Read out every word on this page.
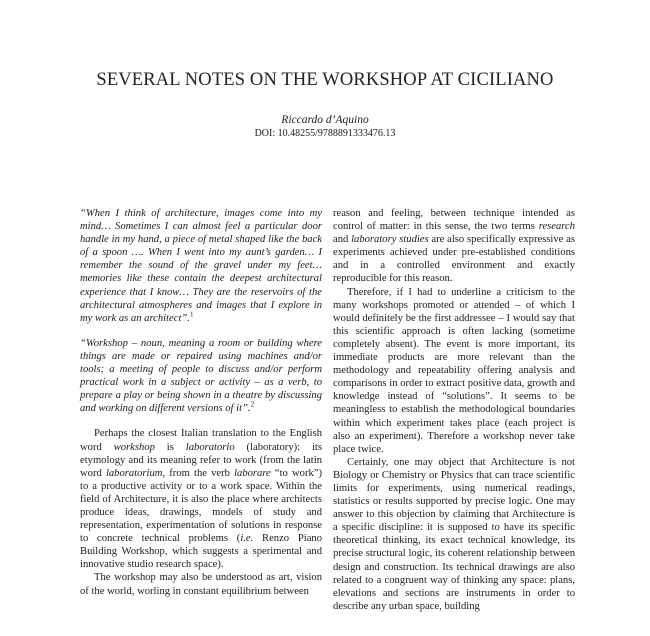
SEVERAL NOTES ON THE WORKSHOP AT CICILIANO
Riccardo d’Aquino
DOI: 10.48255/9788891333476.13

“When I think of architecture, images come into my mind… Sometimes I can almost feel a particular door handle in my hand, a piece of metal shaped like the back of a spoon …. When I went into my aunt’s garden… I remember the sound of the gravel under my feet… memories like these contain the deepest architectural experience that I know… They are the reservoirs of the architectural atmospheres and images that I explore in my work as an architect”.$^1$

“Workshop – noun, meaning a room or building where things are made or repaired using machines and/or tools; a meeting of people to discuss and/or perform practical work in a subject or activity – as a verb, to prepare a play or being shown in a theatre by discussing and working on different versions of it”.$^2$

Perhaps the closest Italian translation to the English word workshop is laboratorio (laboratory): its etymology and its meaning refer to work (from the latin word laboratorium, from the verb laborare “to work”) to a productive activity or to a work space. Within the field of Architecture, it is also the place where architects produce ideas, drawings, models of study and representation, experimentation of solutions in response to concrete technical problems (i.e. Renzo Piano Building Workshop, which suggests a sperimental and innovative studio research space).

The workshop may also be understood as art, vision of the world, worling in constant equilibrium between

reason and feeling, between technique intended as control of matter: in this sense, the two terms research and laboratory studies are also specifically expressive as experiments achieved under pre-established conditions and in a controlled environment and exactly reproducible for this reason.

Therefore, if I had to underline a criticism to the many workshops promoted or attended – of which I would definitely be the first addressee – I would say that this scientific approach is often lacking (sometime completely absent). The event is more important, its immediate products are more relevant than the methodology and repeatability offering analysis and comparisons in order to extract positive data, growth and knowledge instead of “solutions”. It seems to be meaningless to establish the methodological boundaries within which experiment takes place (each project is also an experiment). Therefore a workshop never take place twice.

Certainly, one may object that Architecture is not Biology or Chemistry or Physics that can trace scientific limits for experiments, using numerical readings, statistics or results supported by precise logic. One may answer to this objection by claiming that Architecture is a specific discipline: it is supposed to have its specific theoretical thinking, its exact technical knowledge, its precise structural logic, its coherent relationship between design and construction. Its technical drawings are also related to a congruent way of thinking any space: plans, elevations and sections are instruments in order to describe any urban space, building
